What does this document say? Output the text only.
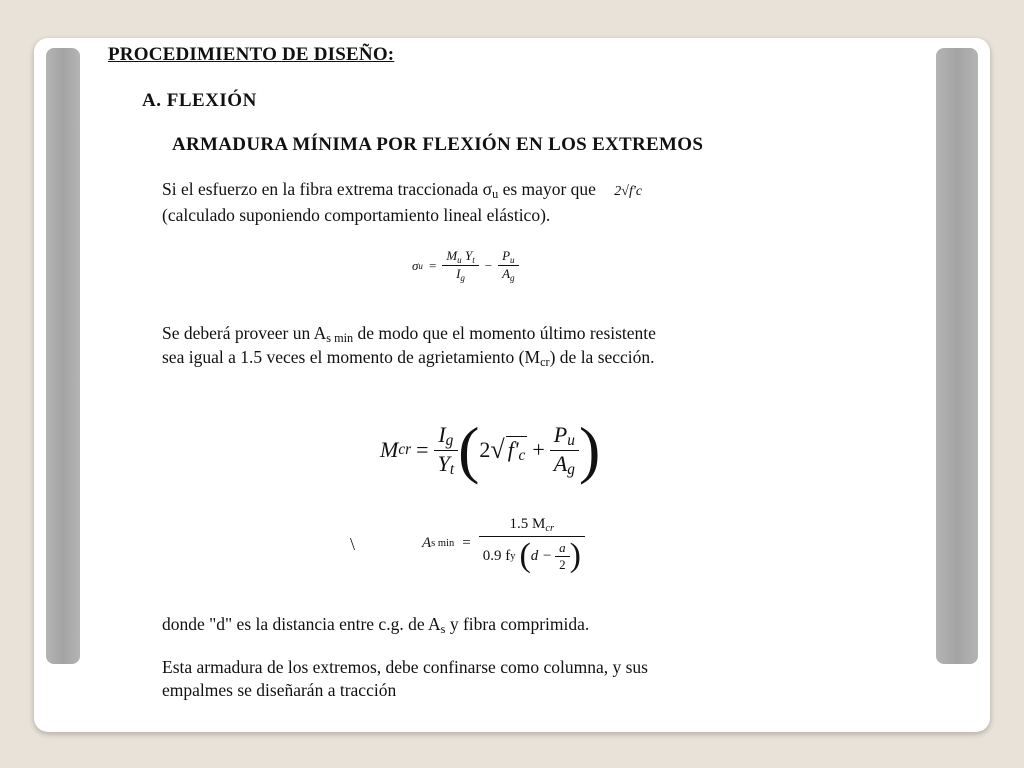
PROCEDIMIENTO DE DISEÑO:
A. FLEXIÓN
ARMADURA MÍNIMA POR FLEXIÓN EN LOS EXTREMOS
Si el esfuerzo en la fibra extrema traccionada $\sigma_u$ es mayor que 2√f'c
(calculado suponiendo comportamiento lineal elástico).
σ $u = \frac{M_u Y_t}{I_g} - \frac{P_u}{A_g}$
Se deberá proveer un $A_{s min}$ de modo que el momento último resistente
sea igual a 1.5 veces el momento de agrietamiento $(M_{cr})$ de la sección.
M cr = $\frac{Ig}{Yt}$ ( 2 √ $f'c + \frac{Pu}{Ag}$ )
\	A s min =
1.5 $M_{cr}$
0.9 f y ( $d - \frac{a}{2}$ )
donde "d" es la distancia entre c.g. de $A_s$ y fibra comprimida.
Esta armadura de los extremos, debe confinarse como columna, y sus
empalmes se diseñarán a tracción
